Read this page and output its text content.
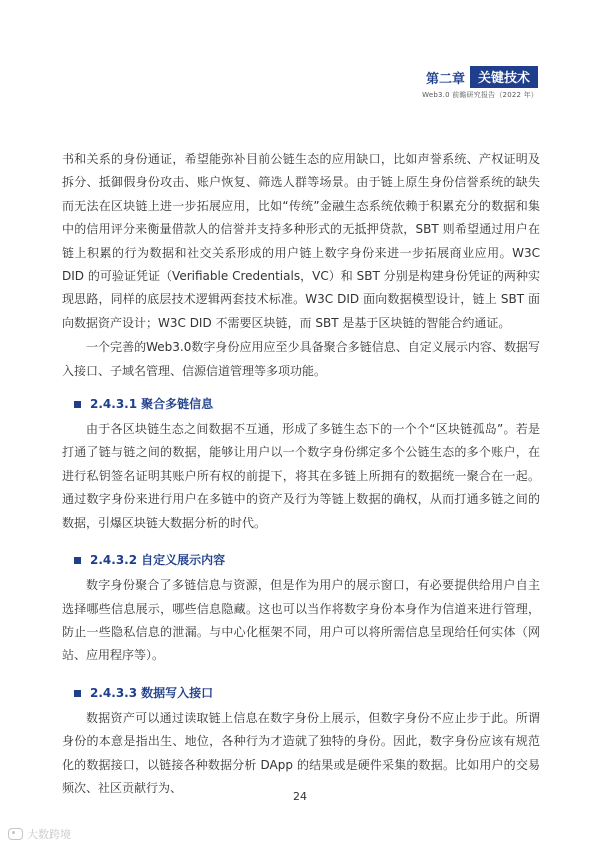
第二章	关键技术
Web3.0 前瞻研究报告（2022 年）

书和关系的身份通证，希望能弥补目前公链生态的应用缺口，比如声誉系统、产权证明及拆分、抵御假身份攻击、账户恢复、筛选人群等场景。由于链上原生身份信誉系统的缺失而无法在区块链上进一步拓展应用，比如“传统”金融生态系统依赖于积累充分的数据和集中的信用评分来衡量借款人的信誉并支持多种形式的无抵押贷款，SBT 则希望通过用户在链上积累的行为数据和社交关系形成的用户链上数字身份来进一步拓展商业应用。W3C DID 的可验证凭证（Verifiable Credentials，VC）和 SBT 分别是构建身份凭证的两种实现思路，同样的底层技术逻辑两套技术标准。W3C DID 面向数据模型设计，链上 SBT 面向数据资产设计；W3C DID 不需要区块链，而 SBT 是基于区块链的智能合约通证。

一个完善的Web3.0数字身份应用应至少具备聚合多链信息、自定义展示内容、数据写入接口、子域名管理、信源信道管理等多项功能。

2.4.3.1 聚合多链信息

由于各区块链生态之间数据不互通，形成了多链生态下的一个个“区块链孤岛”。若是打通了链与链之间的数据，能够让用户以一个数字身份绑定多个公链生态的多个账户，在进行私钥签名证明其账户所有权的前提下，将其在多链上所拥有的数据统一聚合在一起。通过数字身份来进行用户在多链中的资产及行为等链上数据的确权，从而打通多链之间的数据，引爆区块链大数据分析的时代。

2.4.3.2 自定义展示内容

数字身份聚合了多链信息与资源，但是作为用户的展示窗口，有必要提供给用户自主选择哪些信息展示，哪些信息隐藏。这也可以当作将数字身份本身作为信道来进行管理，防止一些隐私信息的泄漏。与中心化框架不同，用户可以将所需信息呈现给任何实体（网站、应用程序等）。

2.4.3.3 数据写入接口

数据资产可以通过读取链上信息在数字身份上展示，但数字身份不应止步于此。所谓身份的本意是指出生、地位，各种行为才造就了独特的身份。因此，数字身份应该有规范化的数据接口，以链接各种数据分析 DApp 的结果或是硬件采集的数据。比如用户的交易频次、社区贡献行为、

24
大数跨境
